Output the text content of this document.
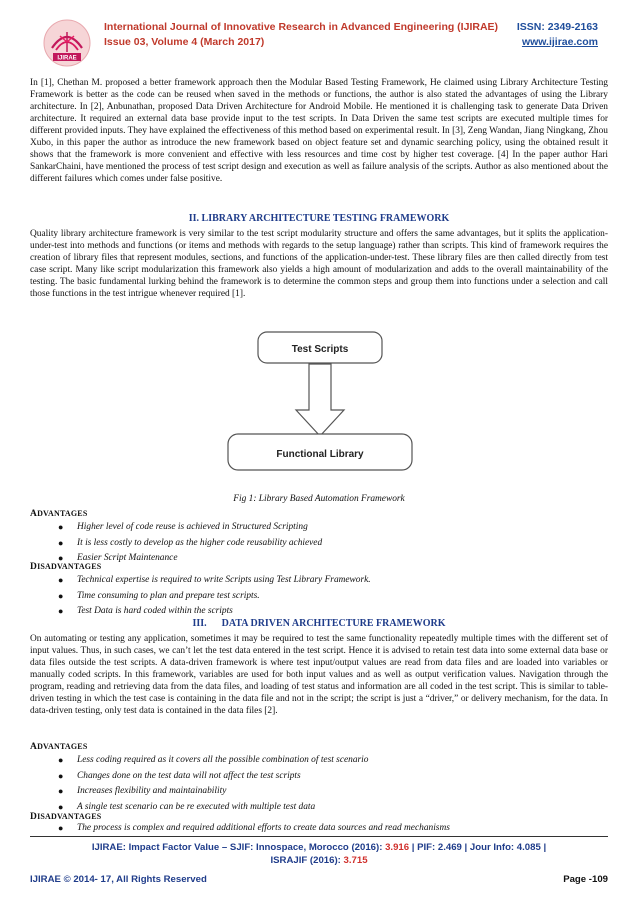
IJIRAE
International Journal of Innovative Research in Advanced Engineering (IJIRAE)
Issue 03, Volume 4 (March 2017)
ISSN: 2349-2163
www.ijirae.com

In [1], Chethan M. proposed a better framework approach then the Modular Based Testing Framework, He claimed using Library Architecture Testing Framework is better as the code can be reused when saved in the methods or functions, the author is also stated the advantages of using the Library architecture. In [2], Anbunathan, proposed Data Driven Architecture for Android Mobile. He mentioned it is challenging task to generate Data Driven architecture. It required an external data base provide input to the test scripts. In Data Driven the same test scripts are executed multiple times for different provided inputs. They have explained the effectiveness of this method based on experimental result. In [3], Zeng Wandan, Jiang Ningkang, Zhou Xubo, in this paper the author as introduce the new framework based on object feature set and dynamic searching policy, using the obtained result it shows that the framework is more convenient and effective with less resources and time cost by higher test coverage. [4] In the paper author Hari SankarChaini, have mentioned the process of test script design and execution as well as failure analysis of the scripts. Author as also mentioned about the different failures which comes under false positive.

II. LIBRARY ARCHITECTURE TESTING FRAMEWORK

Quality library architecture framework is very similar to the test script modularity structure and offers the same advantages, but it splits the application-under-test into methods and functions (or items and methods with regards to the setup language) rather than scripts. This kind of framework requires the creation of library files that represent modules, sections, and functions of the application-under-test. These library files are then called directly from test case script. Many like script modularization this framework also yields a high amount of modularization and adds to the overall maintainability of the testing. The basic fundamental lurking behind the framework is to determine the common steps and group them into functions under a selection and call those functions in the test intrigue whenever required [1].

Test Scripts
Functional Library
Fig 1: Library Based Automation Framework
ADVANTAGES
● Higher level of code reuse is achieved in Structured Scripting
● It is less costly to develop as the higher code reusability achieved
● Easier Script Maintenance
DISADVANTAGES
● Technical expertise is required to write Scripts using Test Library Framework.
● Time consuming to plan and prepare test scripts.
● Test Data is hard coded within the scripts
III.      DATA DRIVEN ARCHITECTURE FRAMEWORK

On automating or testing any application, sometimes it may be required to test the same functionality repeatedly multiple times with the different set of input values. Thus, in such cases, we can’t let the test data entered in the test script. Hence it is advised to retain test data into some external data base or data files outside the test scripts. A data-driven framework is where test input/output values are read from data files and are loaded into variables or manually coded scripts. In this framework, variables are used for both input values and as well as output verification values. Navigation through the program, reading and retrieving data from the data files, and loading of test status and information are all coded in the test script. This is similar to table-driven testing in which the test case is containing in the data file and not in the script; the script is just a “driver,” or delivery mechanism, for the data. In data-driven testing, only test data is contained in the data files [2].

ADVANTAGES
● Less coding required as it covers all the possible combination of test scenario
● Changes done on the test data will not affect the test scripts
● Increases flexibility and maintainability
● A single test scenario can be re executed with multiple test data
DISADVANTAGES
● The process is complex and required additional efforts to create data sources and read mechanisms
IJIRAE: Impact Factor Value – SJIF: Innospace, Morocco (2016): 3.916 | PIF: 2.469 | Jour Info: 4.085 |
ISRAJIF (2016): 3.715
IJIRAE © 2014- 17, All Rights Reserved	Page -109
